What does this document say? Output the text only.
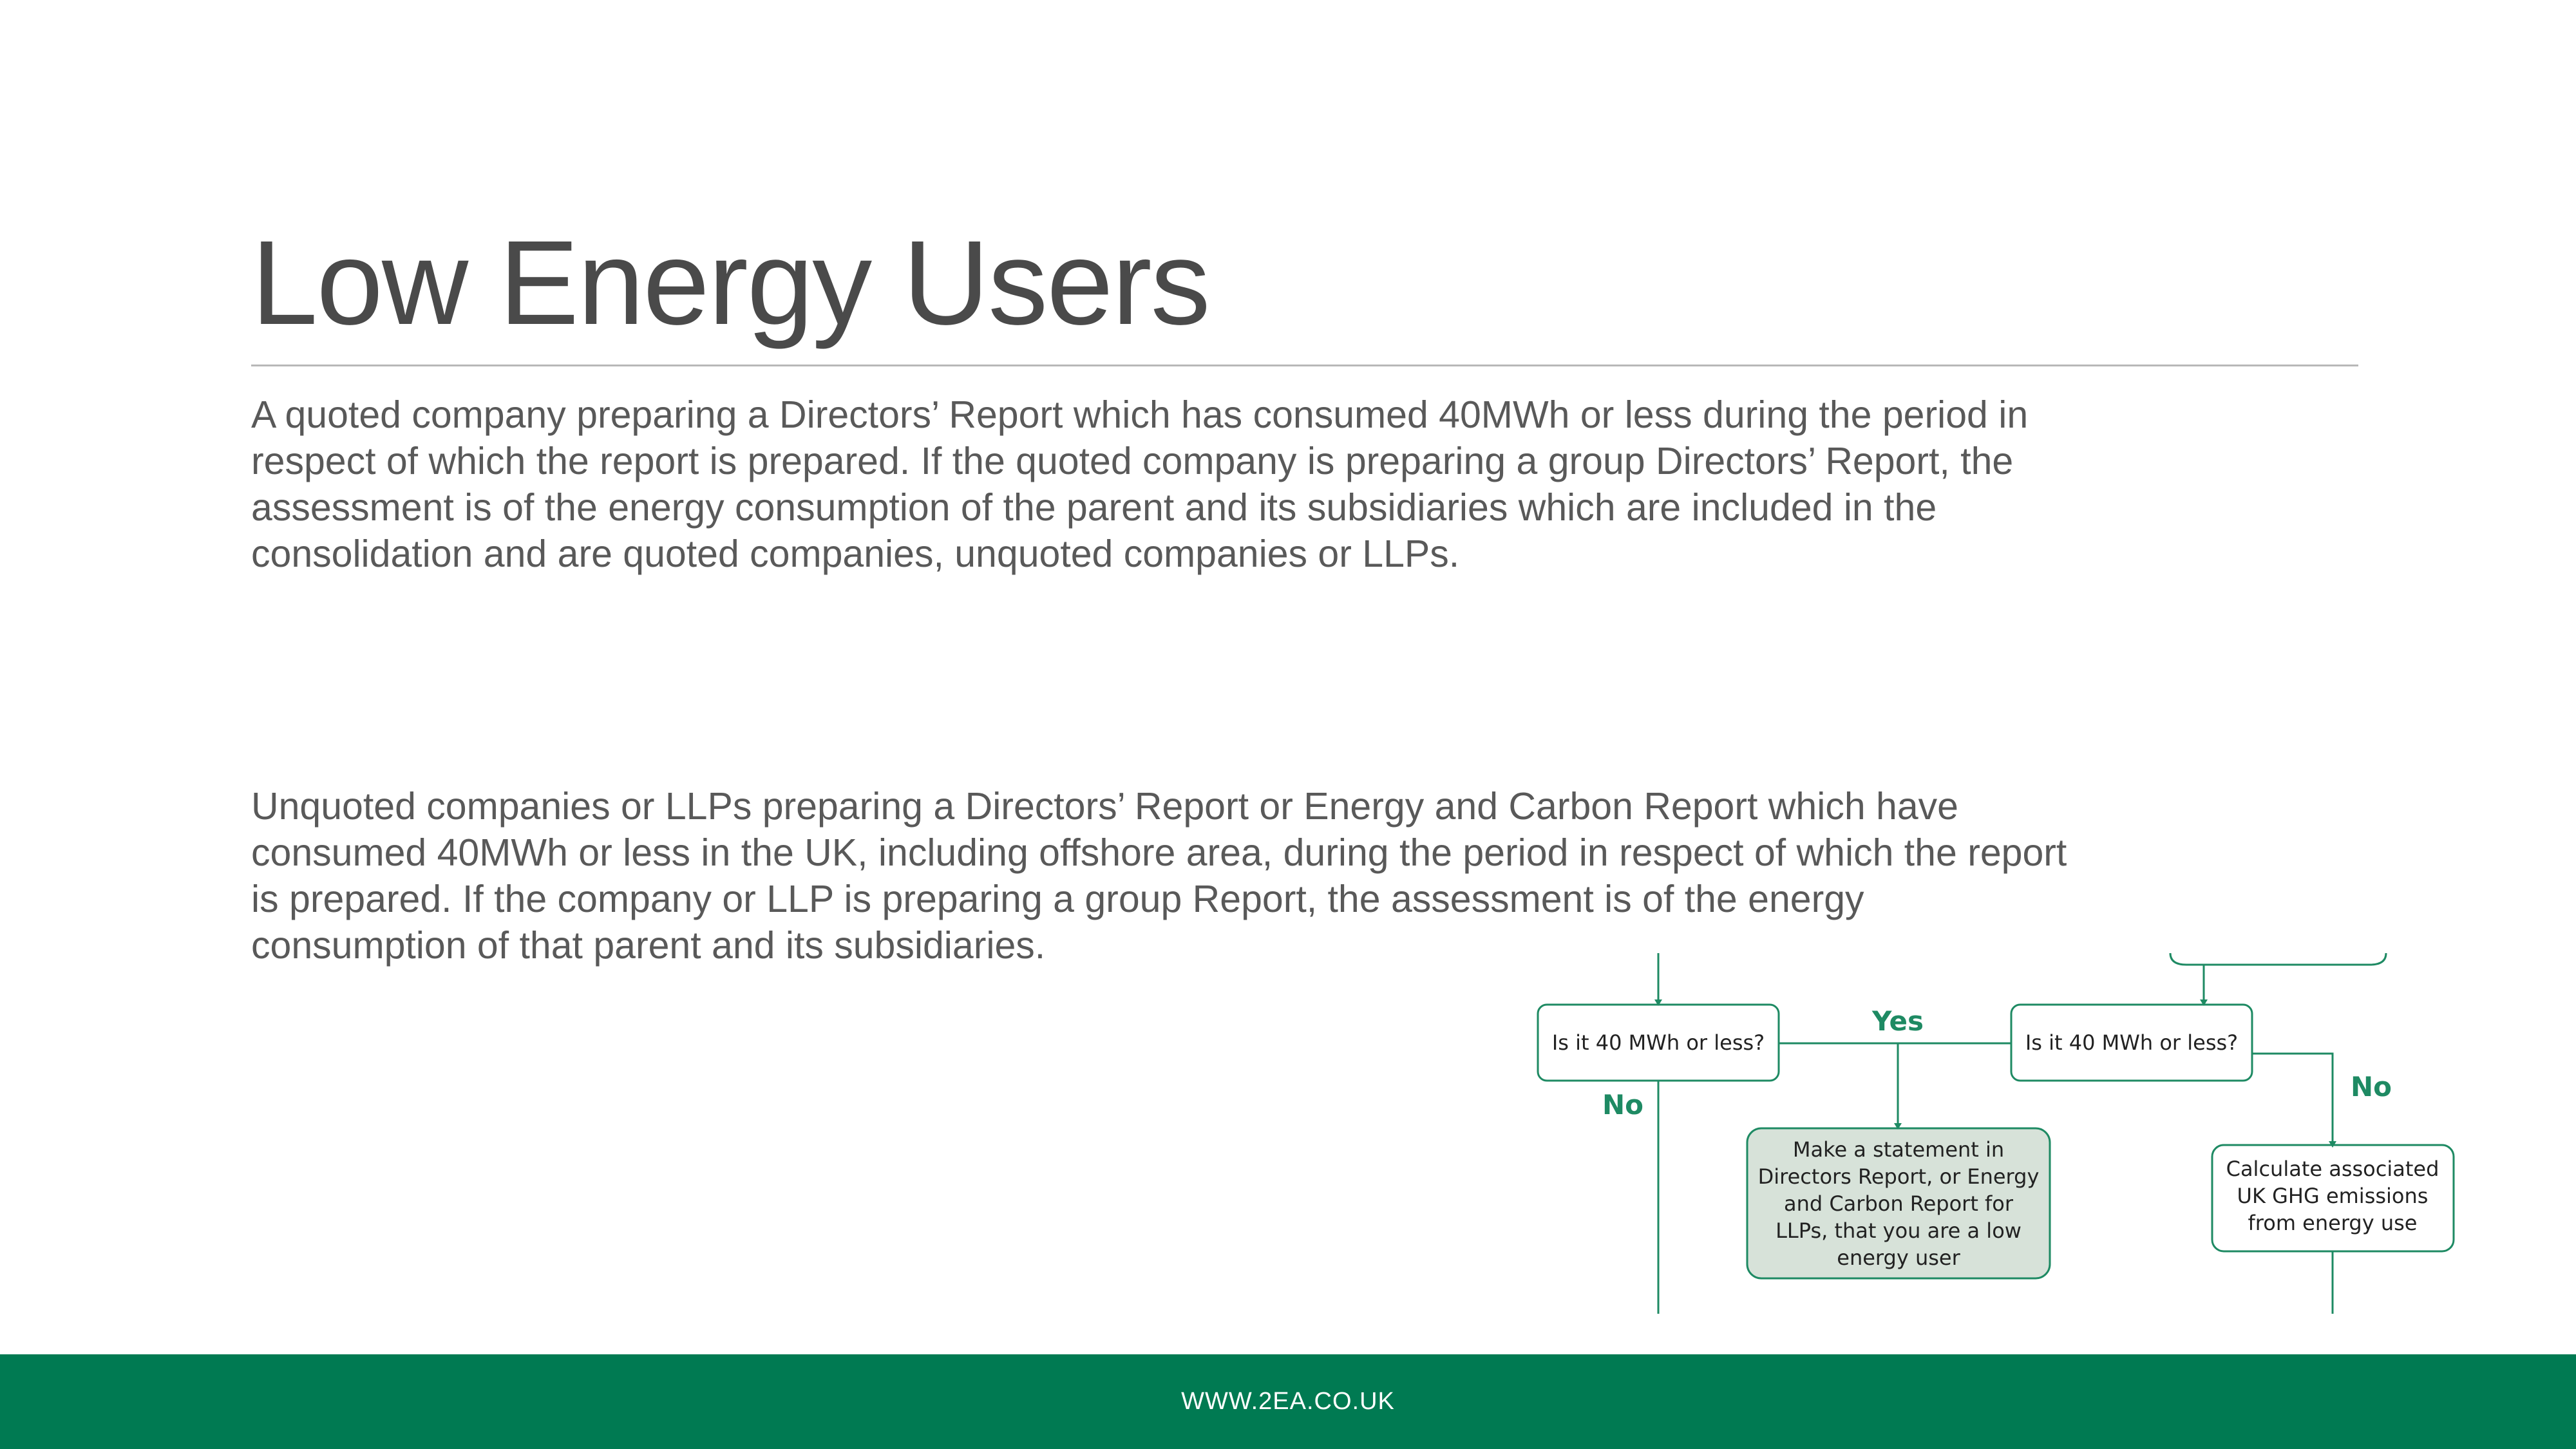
Low Energy Users

A quoted company preparing a Directors’ Report which has consumed 40MWh or less during the period in respect of which the report is prepared. If the quoted company is preparing a group Directors’ Report, the assessment is of the energy consumption of the parent and its subsidiaries which are included in the consolidation and are quoted companies, unquoted companies or LLPs.

Unquoted companies or LLPs preparing a Directors’ Report or Energy and Carbon Report which have consumed 40MWh or less in the UK, including offshore area, during the period in respect of which the report is prepared. If the company or LLP is preparing a group Report, the assessment is of the energy consumption of that parent and its subsidiaries.

Is it 40 MWh or less?	Is it 40 MWh or less?
Yes
No
No
Make a statement in
Directors Report, or Energy
and Carbon Report for
LLPs, that you are a low
energy user
Calculate associated
UK GHG emissions
from energy use
WWW.2EA.CO.UK
